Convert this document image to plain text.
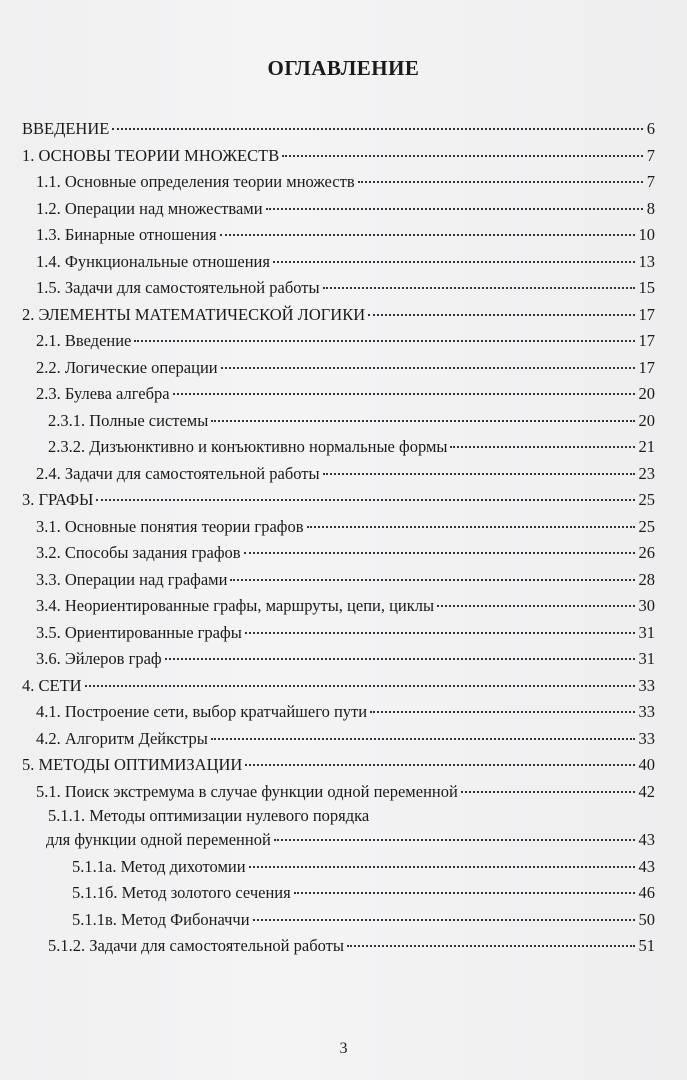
ОГЛАВЛЕНИЕ
ВВЕДЕНИЕ	6
1. ОСНОВЫ ТЕОРИИ МНОЖЕСТВ	7
1.1. Основные определения теории множеств	7
1.2. Операции над множествами	8
1.3. Бинарные отношения	10
1.4. Функциональные отношения	13
1.5. Задачи для самостоятельной работы	15
2. ЭЛЕМЕНТЫ МАТЕМАТИЧЕСКОЙ ЛОГИКИ	17
2.1. Введение	17
2.2. Логические операции	17
2.3. Булева алгебра	20
2.3.1. Полные системы	20
2.3.2. Дизъюнктивно и конъюктивно нормальные формы	21
2.4. Задачи для самостоятельной работы	23
3. ГРАФЫ	25
3.1. Основные понятия теории графов	25
3.2. Способы задания графов	26
3.3. Операции над графами	28
3.4. Неориентированные графы, маршруты, цепи, циклы	30
3.5. Ориентированные графы	31
3.6. Эйлеров граф	31
4. СЕТИ	33
4.1. Построение сети, выбор кратчайшего пути	33
4.2. Алгоритм Дейкстры	33
5. МЕТОДЫ ОПТИМИЗАЦИИ	40
5.1. Поиск экстремума в случае функции одной переменной	42
5.1.1. Методы оптимизации нулевого порядка
для функции одной переменной	43
5.1.1а. Метод дихотомии	43
5.1.1б. Метод золотого сечения	46
5.1.1в. Метод Фибоначчи	50
5.1.2. Задачи для самостоятельной работы	51
3
